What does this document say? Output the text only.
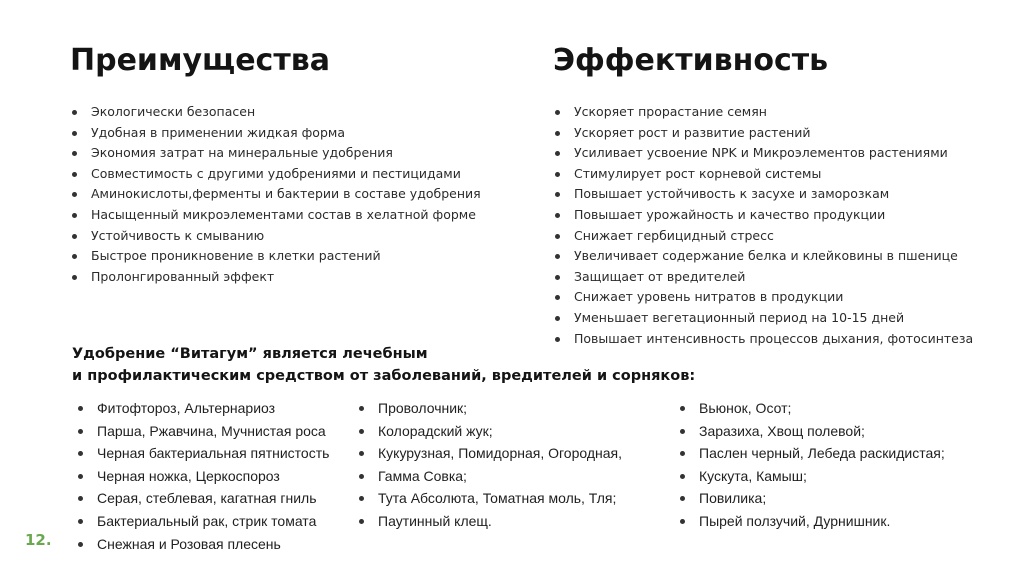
Преимущества	Эффективность
Экологически безопасен
Удобная в применении жидкая форма
Экономия затрат на минеральные удобрения
Совместимость с другими удобрениями и пестицидами
Аминокислоты,ферменты и бактерии в составе удобрения
Насыщенный микроэлементами состав в хелатной форме
Устойчивость к смыванию
Быстрое проникновение в клетки растений
Пролонгированный эффект
Ускоряет прорастание семян
Ускоряет рост и развитие растений
Усиливает усвоение NPK и Микроэлементов растениями
Стимулирует рост корневой системы
Повышает устойчивость к засухе и заморозкам
Повышает урожайность и качество продукции
Снижает гербицидный стресс
Увеличивает содержание белка и клейковины в пшенице
Защищает от вредителей
Снижает уровень нитратов в продукции
Уменьшает вегетационный период на 10-15 дней
Повышает интенсивность процессов дыхания, фотосинтеза

Удобрение “Витагум” является лечебным
и профилактическим средством от заболеваний, вредителей и сорняков:

Фитофтороз, Альтернариоз
Парша, Ржавчина, Мучнистая роса
Черная бактериальная пятнистость
Черная ножка, Церкоспороз
Серая, стеблевая, кагатная гниль
Бактериальный рак, стрик томата
Снежная и Розовая плесень
Проволочник;
Колорадский жук;
Кукурузная, Помидорная, Огородная,
Гамма Совка;
Тута Абсолюта, Томатная моль, Тля;
Паутинный клещ.
Вьюнок, Осот;
Заразиха, Хвощ полевой;
Паслен черный, Лебеда раскидистая;
Кускута, Камыш;
Повилика;
Пырей ползучий, Дурнишник.
12.
